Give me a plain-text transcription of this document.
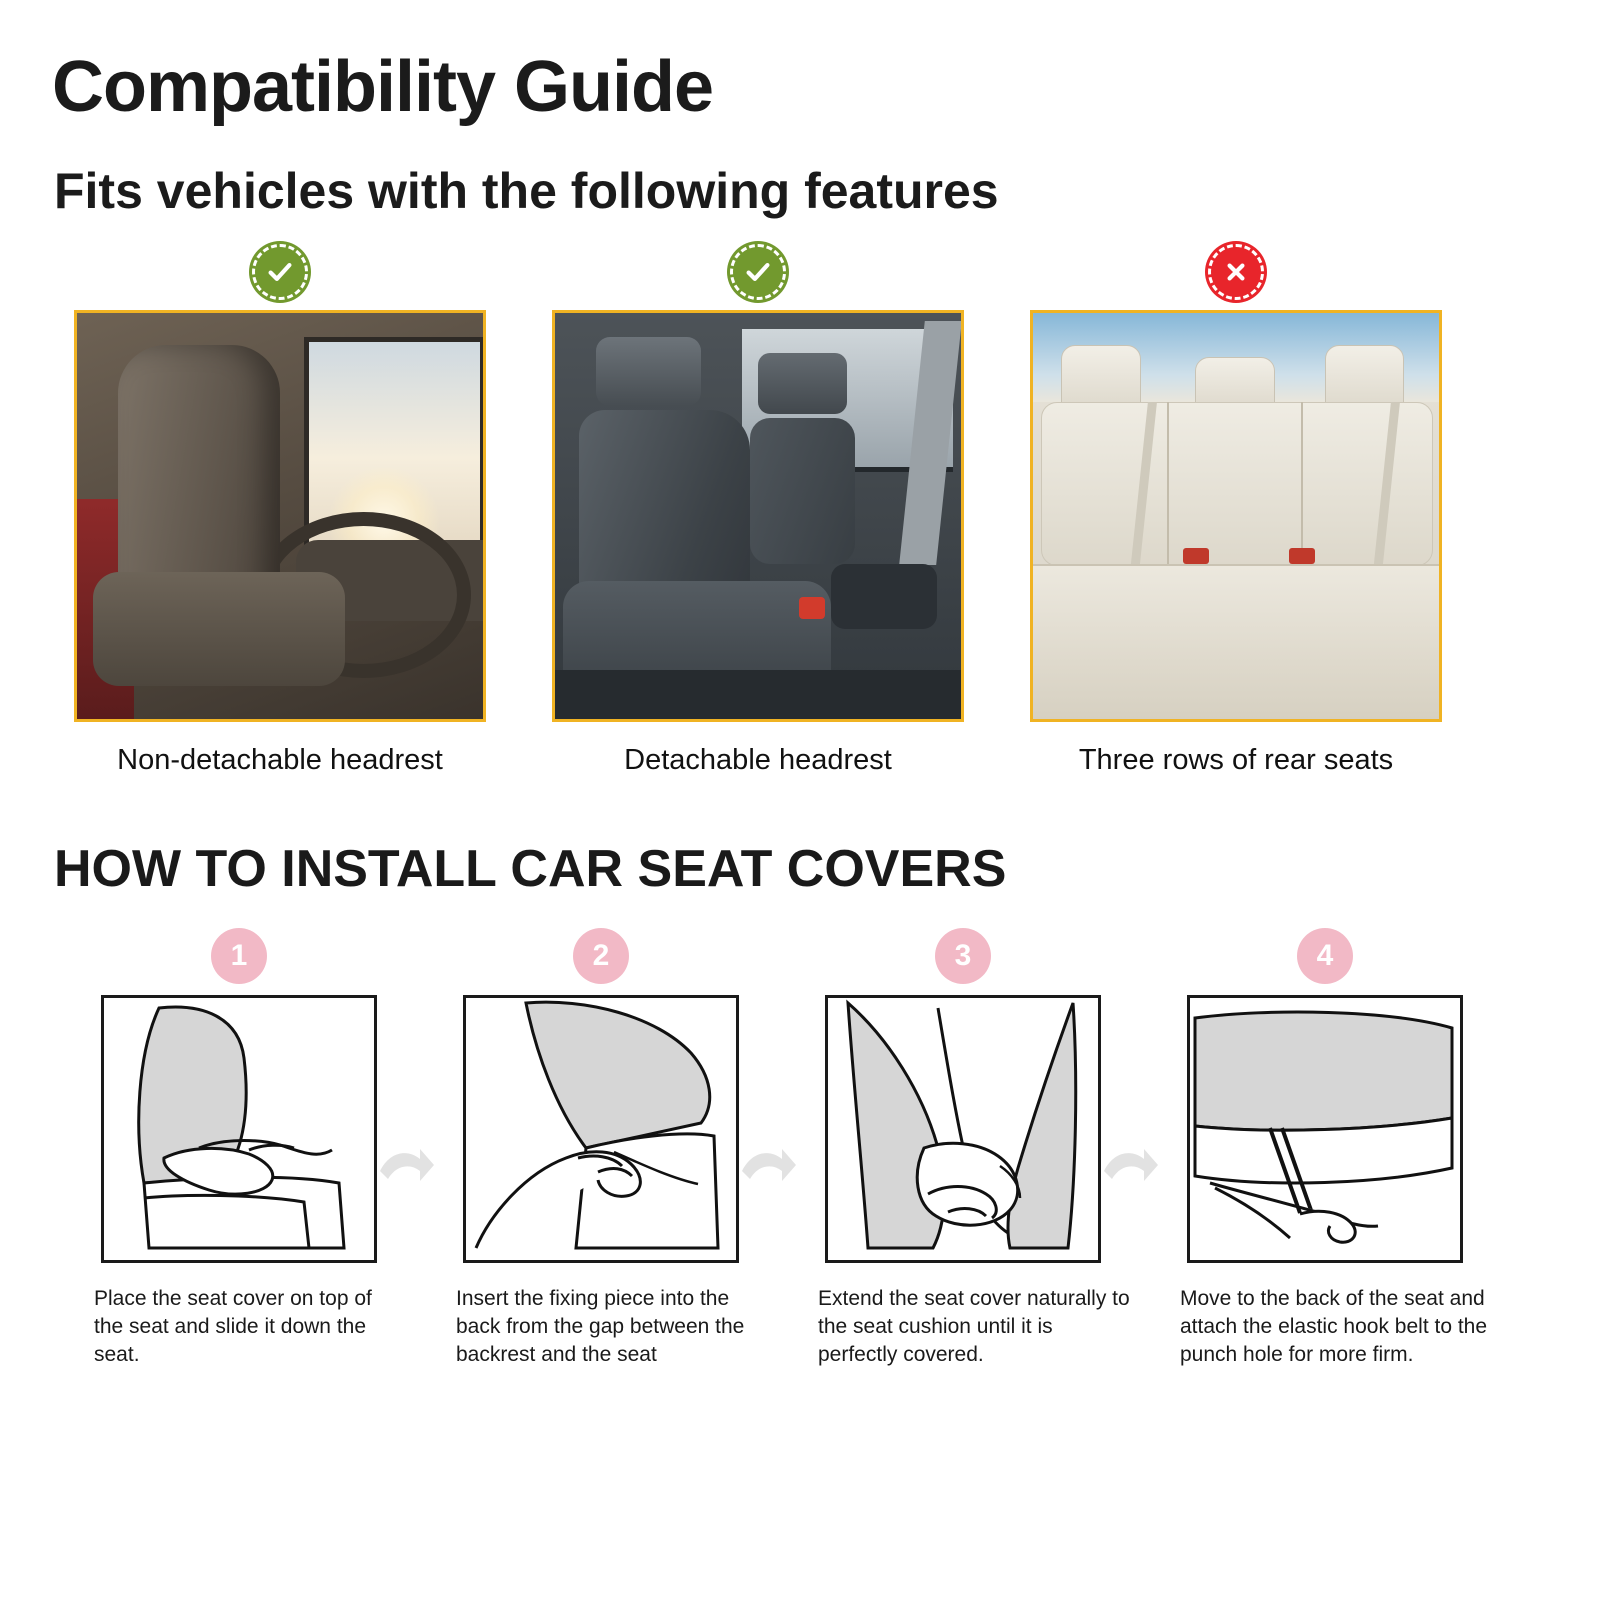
Compatibility Guide
Fits vehicles with the following features
Non-detachable headrest	Detachable headrest	Three rows of rear seats
HOW TO INSTALL CAR SEAT COVERS
1
Place the seat cover on top of the seat and slide it down the seat.
2
Insert the fixing piece into the back from the gap between the backrest and the seat
3
Extend the seat cover naturally to the seat cushion until it is perfectly covered.
4
Move to the back of the seat and attach the elastic hook belt to the punch hole for more firm.
